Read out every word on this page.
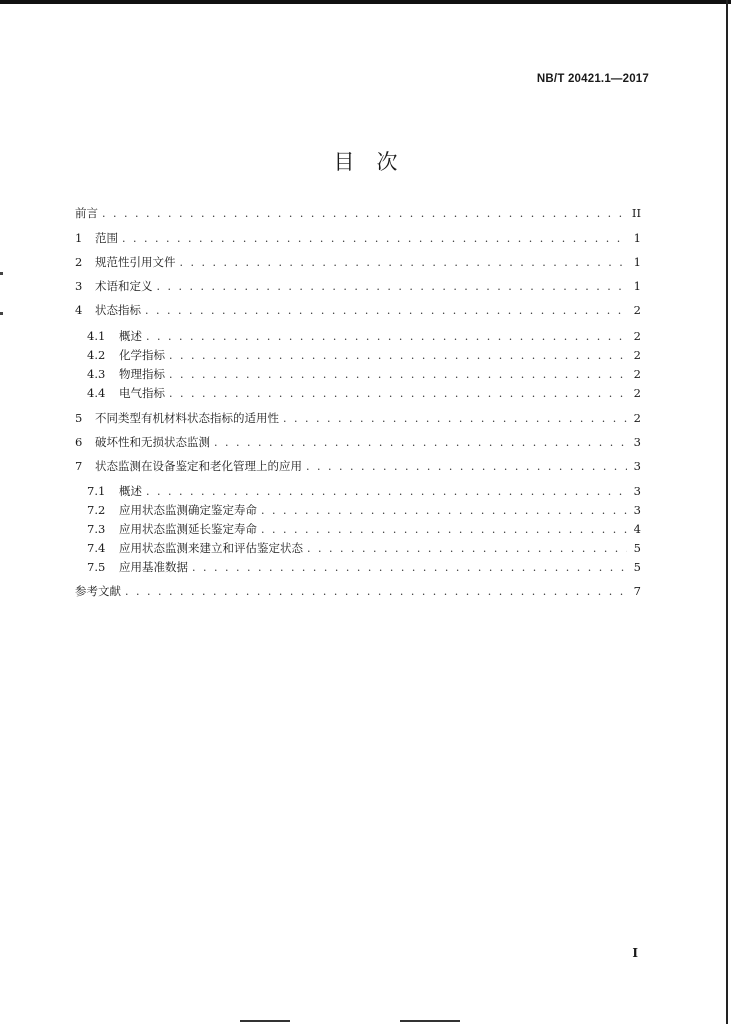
NB/T 20421.1—2017
目次
前言 . . .	II
1	范围 . . .	1
2	规范性引用文件 . . .	1
3	术语和定义 . . .	1
4	状态指标 . . .	2
4.1	概述 . . .	2
4.2	化学指标 . . .	2
4.3	物理指标 . . .	2
4.4	电气指标 . . .	2
5	不同类型有机材料状态指标的适用性 . . .	2
6	破坏性和无损状态监测 . . .	3
7	状态监测在设备鉴定和老化管理上的应用 . . .	3
7.1	概述 . . .	3
7.2	应用状态监测确定鉴定寿命 . . .	3
7.3	应用状态监测延长鉴定寿命 . . .	4
7.4	应用状态监测来建立和评估鉴定状态 . . .	5
7.5	应用基准数据 . . .	5
参考文献 . . .	7
I
